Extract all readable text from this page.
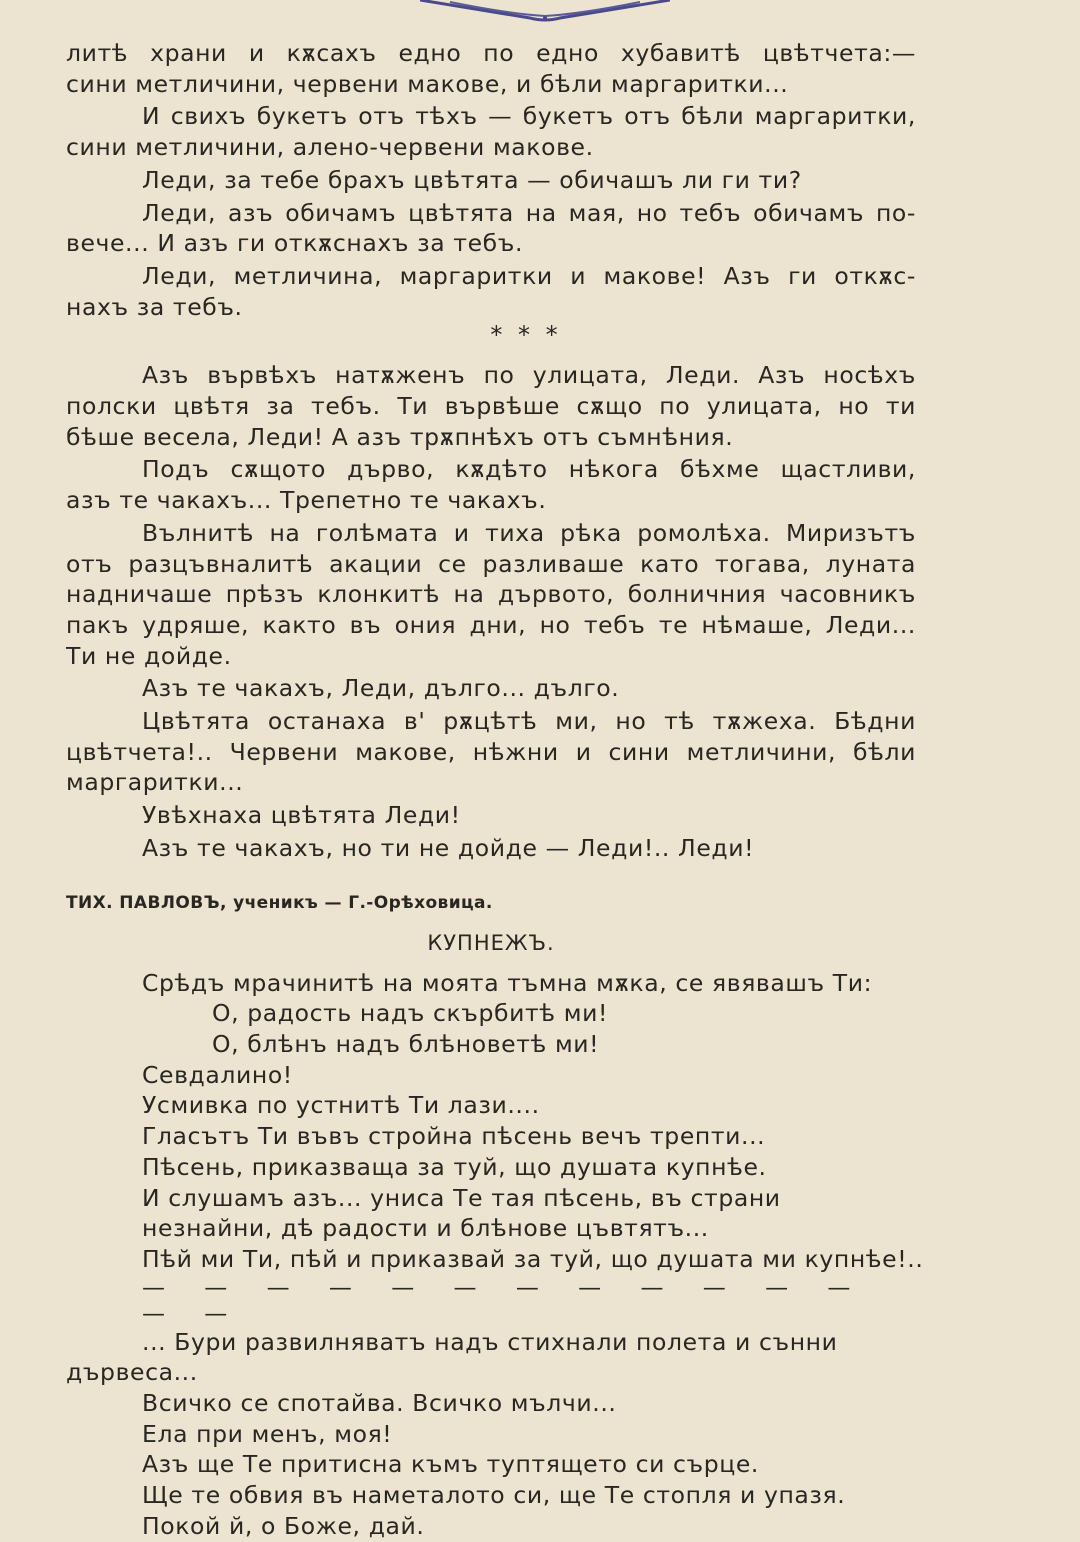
литѣ храни и кѫсахъ едно по едно хубавитѣ цвѣтчета:—

сини метличини, червени макове, и бѣли маргаритки...

И свихъ букетъ отъ тѣхъ — букетъ отъ бѣли маргаритки,

сини метличини, алено-червени макове.

Леди, за тебе брахъ цвѣтята — обичашъ ли ги ти?

Леди, азъ обичамъ цвѣтята на мая, но тебъ обичамъ по-

вече... И азъ ги откѫснахъ за тебъ.

Леди, метличина, маргаритки и макове! Азъ ги откѫс-

нахъ за тебъ.

* * *

Азъ вървѣхъ натѫженъ по улицата, Леди. Азъ носѣхъ

полски цвѣтя за тебъ. Ти вървѣше сѫщо по улицата, но ти

бѣше весела, Леди! А азъ трѫпнѣхъ отъ съмнѣния.

Подъ сѫщото дърво, кѫдѣто нѣкога бѣхме щастливи,

азъ те чакахъ... Трепетно те чакахъ.

Вълнитѣ на голѣмата и тиха рѣка ромолѣха. Миризътъ

отъ разцъвналитѣ акации се разливаше като тогава, луната

надничаше прѣзъ клонкитѣ на дървото, болничния часовникъ

пакъ удряше, както въ ония дни, но тебъ те нѣмаше, Леди...

Ти не дойде.

Азъ те чакахъ, Леди, дълго... дълго.

Цвѣтята останаха в' рѫцѣтѣ ми, но тѣ тѫжеха. Бѣдни

цвѣтчета!.. Червени макове, нѣжни и сини метличини, бѣли

маргаритки...

Увѣхнаха цвѣтята Леди!

Азъ те чакахъ, но ти не дойде — Леди!.. Леди!

ТИХ. ПАВЛОВЪ, ученикъ — Г.-Орѣховица.

КУПНЕЖЪ.

Срѣдъ мрачинитѣ на моята тъмна мѫка, се явявашъ Ти:

О, радость надъ скърбитѣ ми!

О, блѣнъ надъ блѣноветѣ ми!

Севдалино!

Усмивка по устнитѣ Ти лази....

Гласътъ Ти въвъ стройна пѣсень вечъ трепти...

Пѣсень, приказваща за туй, що душата купнѣе.

И слушамъ азъ... униса Те тая пѣсень, въ страни

незнайни, дѣ радости и блѣнове цъвтятъ...

Пѣй ми Ти, пѣй и приказвай за туй, що душата ми купнѣе!..

— — — — — — — — — — — — — —

... Бури развилняватъ надъ стихнали полета и сънни

дървеса...

Всичко се спотайва. Всичко мълчи...

Ела при менъ, моя!

Азъ ще Те притисна къмъ туптящето си сърце.

Ще те обвия въ наметалото си, ще Те стопля и упазя.

Покой й, о Боже, дай.
